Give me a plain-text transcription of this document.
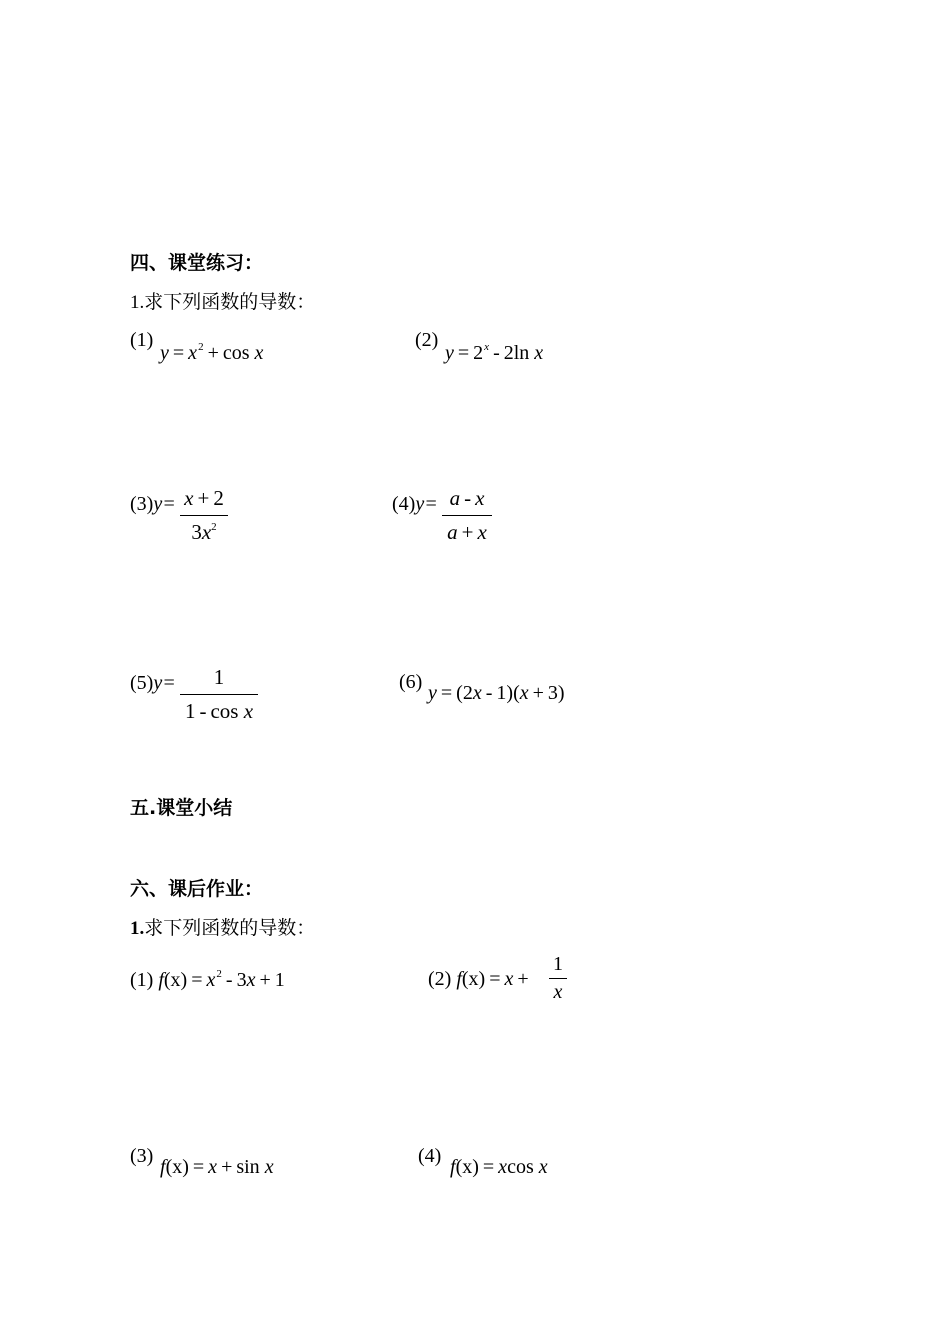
四、课堂练习：
1.求下列函数的导数：
(1)
$y = x^2 + \cos x$
(2)
$y = 2^x - 2\ln$ x
(3)y= x + 2
$3x^2$
(4)y= a - x
a + x
(5)y=	1
1 - cos x
(6) y = (2x - 1)(x + 3)
五.课堂小结
六、课后作业：
1.求下列函数的导数：
(1) $f(x) = x^2 - 3x + 1$	(2) f(x) = x +
1
x
(3) f(x) = x + sin x	(4) f(x) = xcos x
